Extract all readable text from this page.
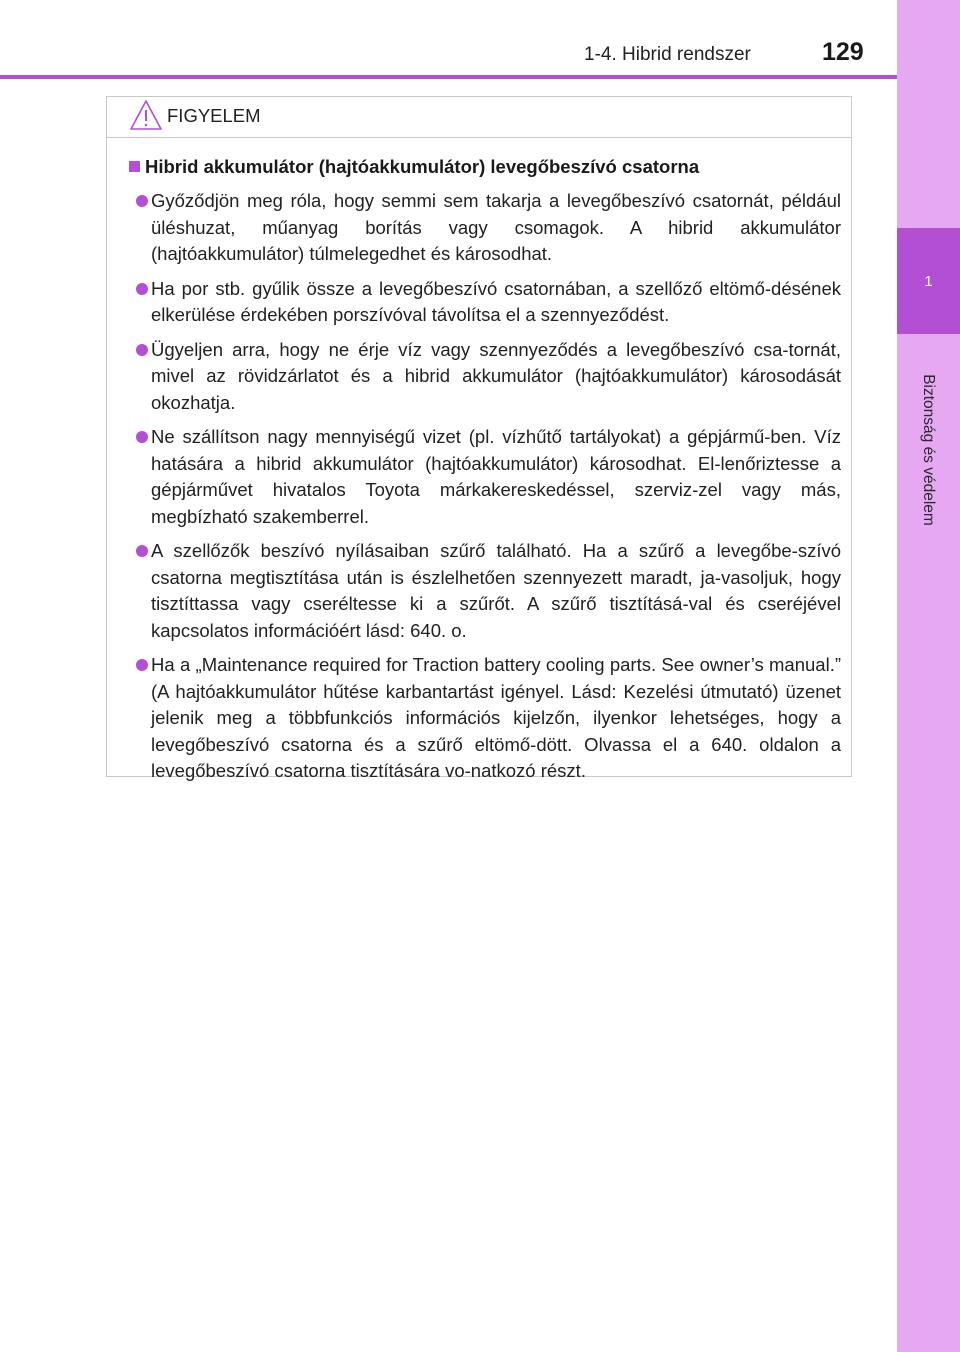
1
Biztonság és védelem
1-4. Hibrid rendszer	129
FIGYELEM
Hibrid akkumulátor (hajtóakkumulátor) levegőbeszívó csatorna
Győződjön meg róla, hogy semmi sem takarja a levegőbeszívó csatornát, például üléshuzat, műanyag borítás vagy csomagok. A hibrid akkumulátor (hajtóakkumulátor) túlmelegedhet és károsodhat.
Ha por stb. gyűlik össze a levegőbeszívó csatornában, a szellőző eltömő-désének elkerülése érdekében porszívóval távolítsa el a szennyeződést.
Ügyeljen arra, hogy ne érje víz vagy szennyeződés a levegőbeszívó csa-tornát, mivel az rövidzárlatot és a hibrid akkumulátor (hajtóakkumulátor) károsodását okozhatja.
Ne szállítson nagy mennyiségű vizet (pl. vízhűtő tartályokat) a gépjármű-ben. Víz hatására a hibrid akkumulátor (hajtóakkumulátor) károsodhat. El-lenőriztesse a gépjárművet hivatalos Toyota márkakereskedéssel, szerviz-zel vagy más, megbízható szakemberrel.
A szellőzők beszívó nyílásaiban szűrő található. Ha a szűrő a levegőbe-szívó csatorna megtisztítása után is észlelhetően szennyezett maradt, ja-vasoljuk, hogy tisztíttassa vagy cseréltesse ki a szűrőt. A szűrő tisztításá-val és cseréjével kapcsolatos információért lásd: 640. o.
Ha a „Maintenance required for Traction battery cooling parts. See owner’s manual.” (A hajtóakkumulátor hűtése karbantartást igényel. Lásd: Kezelési útmutató) üzenet jelenik meg a többfunkciós információs kijelzőn, ilyenkor lehetséges, hogy a levegőbeszívó csatorna és a szűrő eltömő-dött. Olvassa el a 640. oldalon a levegőbeszívó csatorna tisztítására vo-natkozó részt.
